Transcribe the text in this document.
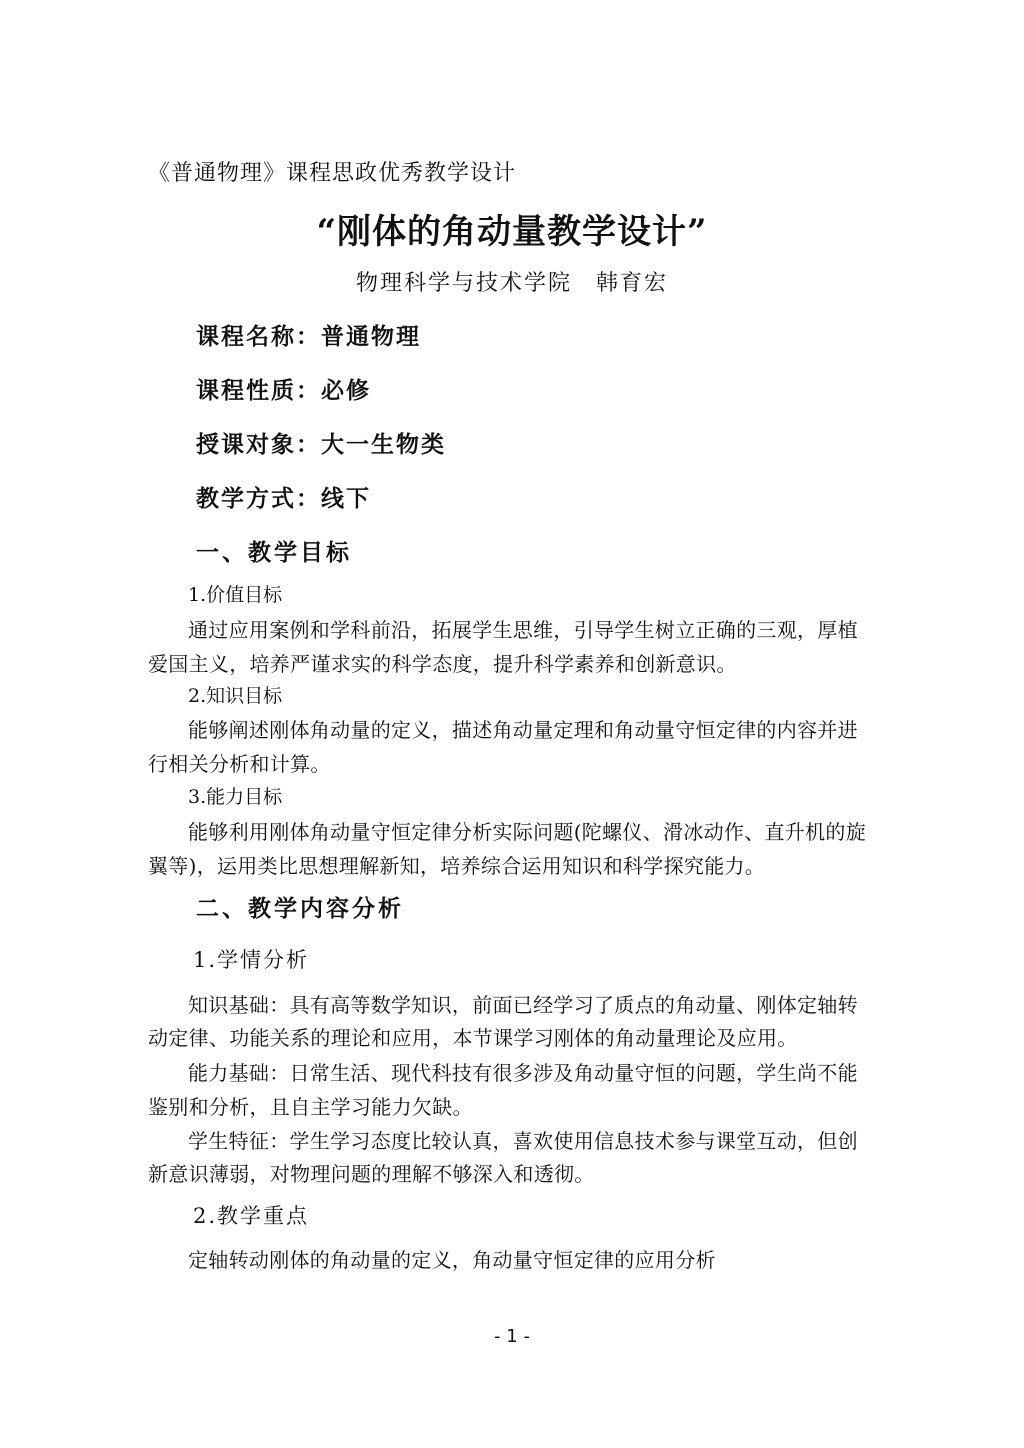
《普通物理》课程思政优秀教学设计
“刚体的角动量教学设计”
物理科学与技术学院　韩育宏
课程名称：普通物理
课程性质：必修
授课对象：大一生物类
教学方式：线下
一、教学目标
1.价值目标
通过应用案例和学科前沿，拓展学生思维，引导学生树立正确的三观，厚植
爱国主义，培养严谨求实的科学态度，提升科学素养和创新意识。
2.知识目标
能够阐述刚体角动量的定义，描述角动量定理和角动量守恒定律的内容并进
行相关分析和计算。
3.能力目标
能够利用刚体角动量守恒定律分析实际问题(陀螺仪、滑冰动作、直升机的旋
翼等)，运用类比思想理解新知，培养综合运用知识和科学探究能力。
二、教学内容分析
1.学情分析
知识基础：具有高等数学知识，前面已经学习了质点的角动量、刚体定轴转
动定律、功能关系的理论和应用，本节课学习刚体的角动量理论及应用。
能力基础：日常生活、现代科技有很多涉及角动量守恒的问题，学生尚不能
鉴别和分析，且自主学习能力欠缺。
学生特征：学生学习态度比较认真，喜欢使用信息技术参与课堂互动，但创
新意识薄弱，对物理问题的理解不够深入和透彻。
2.教学重点
定轴转动刚体的角动量的定义，角动量守恒定律的应用分析
- 1 -
